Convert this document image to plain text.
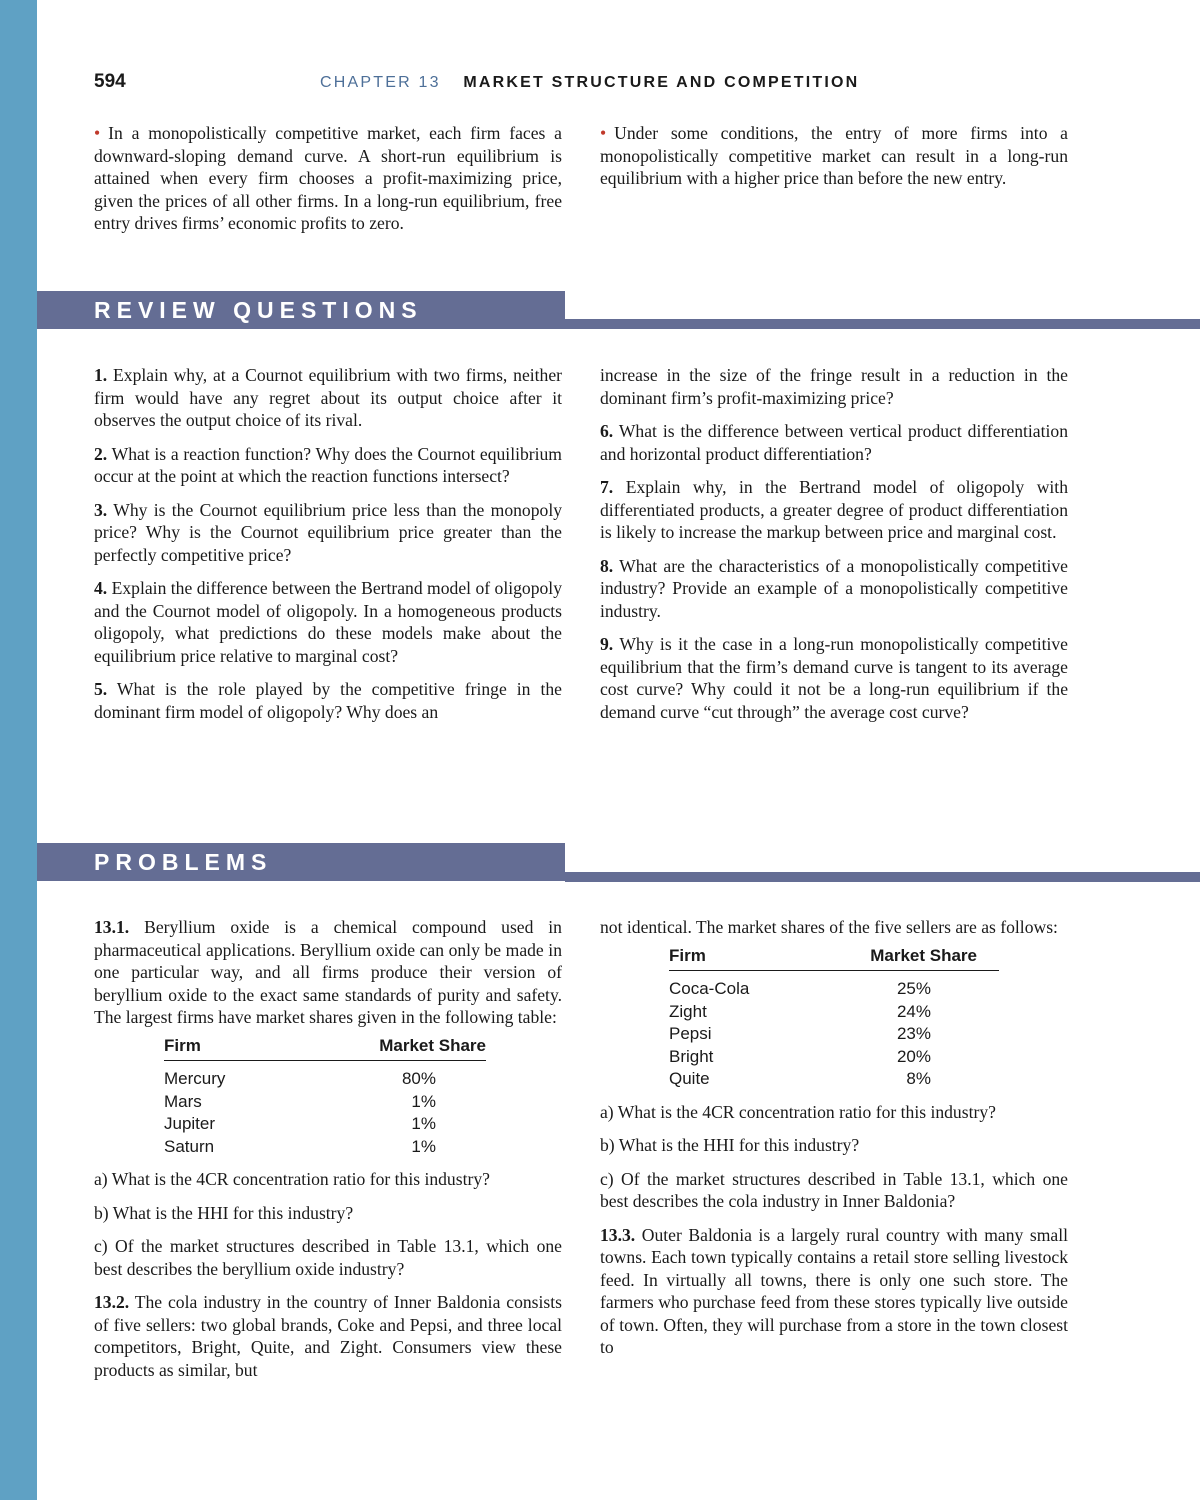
594	CHAPTER 13 MARKET STRUCTURE AND COMPETITION

• In a monopolistically competitive market, each firm faces a downward-sloping demand curve. A short-run equilibrium is attained when every firm chooses a profit-maximizing price, given the prices of all other firms. In a long-run equilibrium, free entry drives firms’ economic profits to zero.

• Under some conditions, the entry of more firms into a monopolistically competitive market can result in a long-run equilibrium with a higher price than before the new entry.

REVIEW QUESTIONS

1. Explain why, at a Cournot equilibrium with two firms, neither firm would have any regret about its output choice after it observes the output choice of its rival.

2. What is a reaction function? Why does the Cournot equilibrium occur at the point at which the reaction functions intersect?

3. Why is the Cournot equilibrium price less than the monopoly price? Why is the Cournot equilibrium price greater than the perfectly competitive price?

4. Explain the difference between the Bertrand model of oligopoly and the Cournot model of oligopoly. In a homogeneous products oligopoly, what predictions do these models make about the equilibrium price relative to marginal cost?

5. What is the role played by the competitive fringe in the dominant firm model of oligopoly? Why does an

increase in the size of the fringe result in a reduction in the dominant firm’s profit-maximizing price?

6. What is the difference between vertical product differentiation and horizontal product differentiation?

7. Explain why, in the Bertrand model of oligopoly with differentiated products, a greater degree of product differentiation is likely to increase the markup between price and marginal cost.

8. What are the characteristics of a monopolistically competitive industry? Provide an example of a monopolistically competitive industry.

9. Why is it the case in a long-run monopolistically competitive equilibrium that the firm’s demand curve is tangent to its average cost curve? Why could it not be a long-run equilibrium if the demand curve “cut through” the average cost curve?

PROBLEMS

13.1. Beryllium oxide is a chemical compound used in pharmaceutical applications. Beryllium oxide can only be made in one particular way, and all firms produce their version of beryllium oxide to the exact same standards of purity and safety. The largest firms have market shares given in the following table:

Firm	Market Share
Mercury	80%
Mars	1%
Jupiter	1%
Saturn	1%

a) What is the 4CR concentration ratio for this industry?

b) What is the HHI for this industry?

c) Of the market structures described in Table 13.1, which one best describes the beryllium oxide industry?

13.2. The cola industry in the country of Inner Baldonia consists of five sellers: two global brands, Coke and Pepsi, and three local competitors, Bright, Quite, and Zight. Consumers view these products as similar, but

not identical. The market shares of the five sellers are as follows:

Firm	Market Share
Coca-Cola	25%
Zight	24%
Pepsi	23%
Bright	20%
Quite	8%

a) What is the 4CR concentration ratio for this industry?

b) What is the HHI for this industry?

c) Of the market structures described in Table 13.1, which one best describes the cola industry in Inner Baldonia?

13.3. Outer Baldonia is a largely rural country with many small towns. Each town typically contains a retail store selling livestock feed. In virtually all towns, there is only one such store. The farmers who purchase feed from these stores typically live outside of town. Often, they will purchase from a store in the town closest to
